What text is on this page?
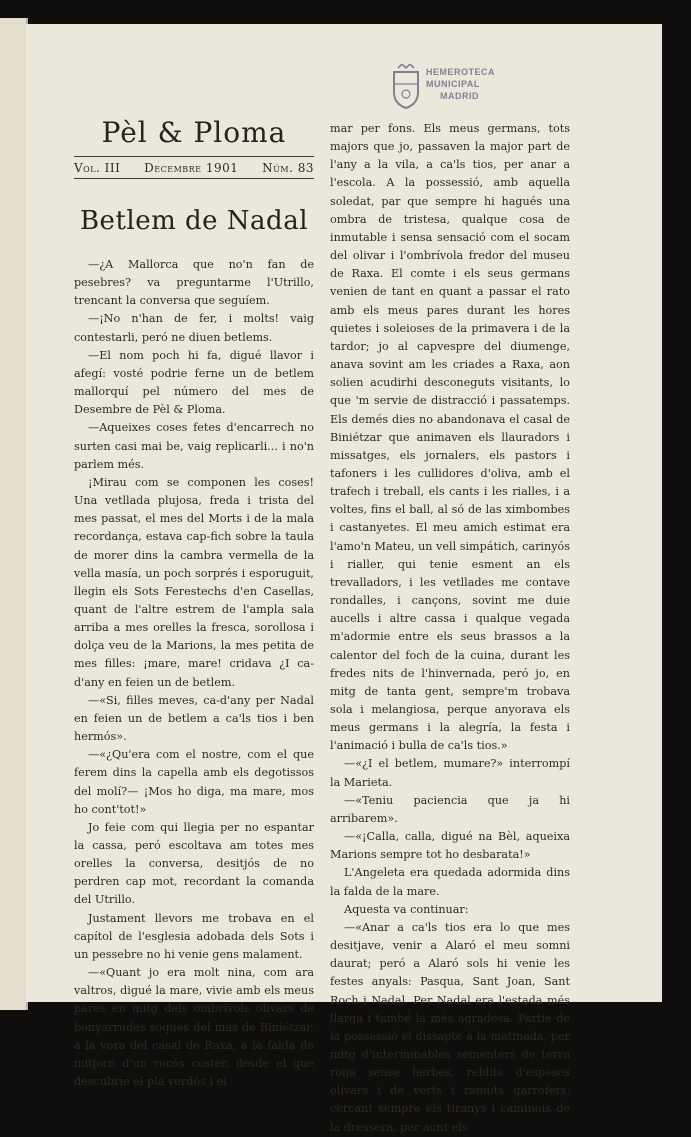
HEMEROTECA
MUNICIPAL
MADRID
Pèl & Ploma
Vol. III Decembre 1901 Núm. 83
Betlem de Nadal

—¿A Mallorca que no'n fan de pesebres? va preguntarme l'Utrillo, trencant la conversa que seguíem.

—¡No n'han de fer, i molts! vaig contestarli, peró ne diuen betlems.

—El nom poch hi fa, digué llavor i afegí: vosté podrie ferne un de betlem mallorquí pel número del mes de Desembre de Pèl & Ploma.

—Aqueixes coses fetes d'encarrech no surten casi mai be, vaig replicarli... i no'n parlem més.

¡Mirau com se componen les coses! Una vetllada plujosa, freda i trista del mes passat, el mes del Morts i de la mala recordança, estava cap-fich sobre la taula de morer dins la cambra vermella de la vella masía, un poch sorprés i esporuguit, llegin els Sots Ferestechs d'en Casellas, quant de l'altre estrem de l'ampla sala arriba a mes orelles la fresca, sorollosa i dolça veu de la Marions, la mes petita de mes filles: ¡mare, mare! cridava ¿I ca-d'any en feien un de betlem.

—«Si, filles meves, ca-d'any per Nadal en feien un de betlem a ca'ls tios i ben hermós».

—«¿Qu'era com el nostre, com el que ferem dins la capella amb els degotissos del molí?— ¡Mos ho diga, ma mare, mos ho cont'tot!»

Jo feie com qui llegia per no espantar la cassa, peró escoltava am totes mes orelles la conversa, desitjós de no perdren cap mot, recordant la comanda del Utrillo.

Justament llevors me trobava en el capítol de l'esglesia adobada dels Sots i un pessebre no hi venie gens malament.

—«Quant jo era molt nina, com ara valtros, digué la mare, vivie amb els meus pares en mitg dels ombrívols olivars de bonyarrudes soques del mas de Biniétzar, a la vora del casal de Raxa, a la falda de mitjorn d'un rocós coster, desde el que descubríe el pla verdós i el

mar per fons. Els meus germans, tots majors que jo, passaven la major part de l'any a la vila, a ca'ls tios, per anar a l'escola. A la possessió, amb aquella soledat, par que sempre hi hagués una ombra de tristesa, qualque cosa de inmutable i sensa sensació com el socam del olivar i l'ombrívola fredor del museu de Raxa. El comte i els seus germans venien de tant en quant a passar el rato amb els meus pares durant les hores quietes i soleioses de la primavera i de la tardor; jo al capvespre del diumenge, anava sovint am les criades a Raxa, aon solien acudirhi desconeguts visitants, lo que 'm servie de distracció i passatemps. Els demés dies no abandonava el casal de Biniétzar que animaven els llauradors i missatges, els jornalers, els pastors i tafoners i les cullidores d'oliva, amb el trafech i treball, els cants i les rialles, i a voltes, fins el ball, al só de las ximbombes i castanyetes. El meu amich estimat era l'amo'n Mateu, un vell simpátich, carinyós i rialler, qui tenie esment an els trevalladors, i les vetllades me contave rondalles, i cançons, sovint me duie aucells i altre cassa i qualque vegada m'adormie entre els seus brassos a la calentor del foch de la cuina, durant les fredes nits de l'hinvernada, peró jo, en mitg de tanta gent, sempre'm trobava sola i melangiosa, perque anyorava els meus germans i la alegría, la festa i l'animació i bulla de ca'ls tios.»

—«¿I el betlem, mumare?» interrompí la Marieta.

—«Teniu paciencia que ja hi arribarem».

—«¡Calla, calla, digué na Bèl, aqueixa Marions sempre tot ho desbarata!»

L'Angeleta era quedada adormida dins la falda de la mare.

Aquesta va continuar:

—«Anar a ca'ls tios era lo que mes desitjave, venir a Alaró el meu somni daurat; peró a Alaró sols hi venie les festes anyals: Pasqua, Sant Joan, Sant Roch i Nadal. Per Nadal era l'estada més llarga i també la més agradosa. Partie de la possessió el dissapte a la matinada, per mitg d'interminables sementers de terra roija sense herbes, reblits d'espesos olivars i de verts i ramuts garrofers, cercant sempre els tiranys i caminois de la dressera, per aont els
